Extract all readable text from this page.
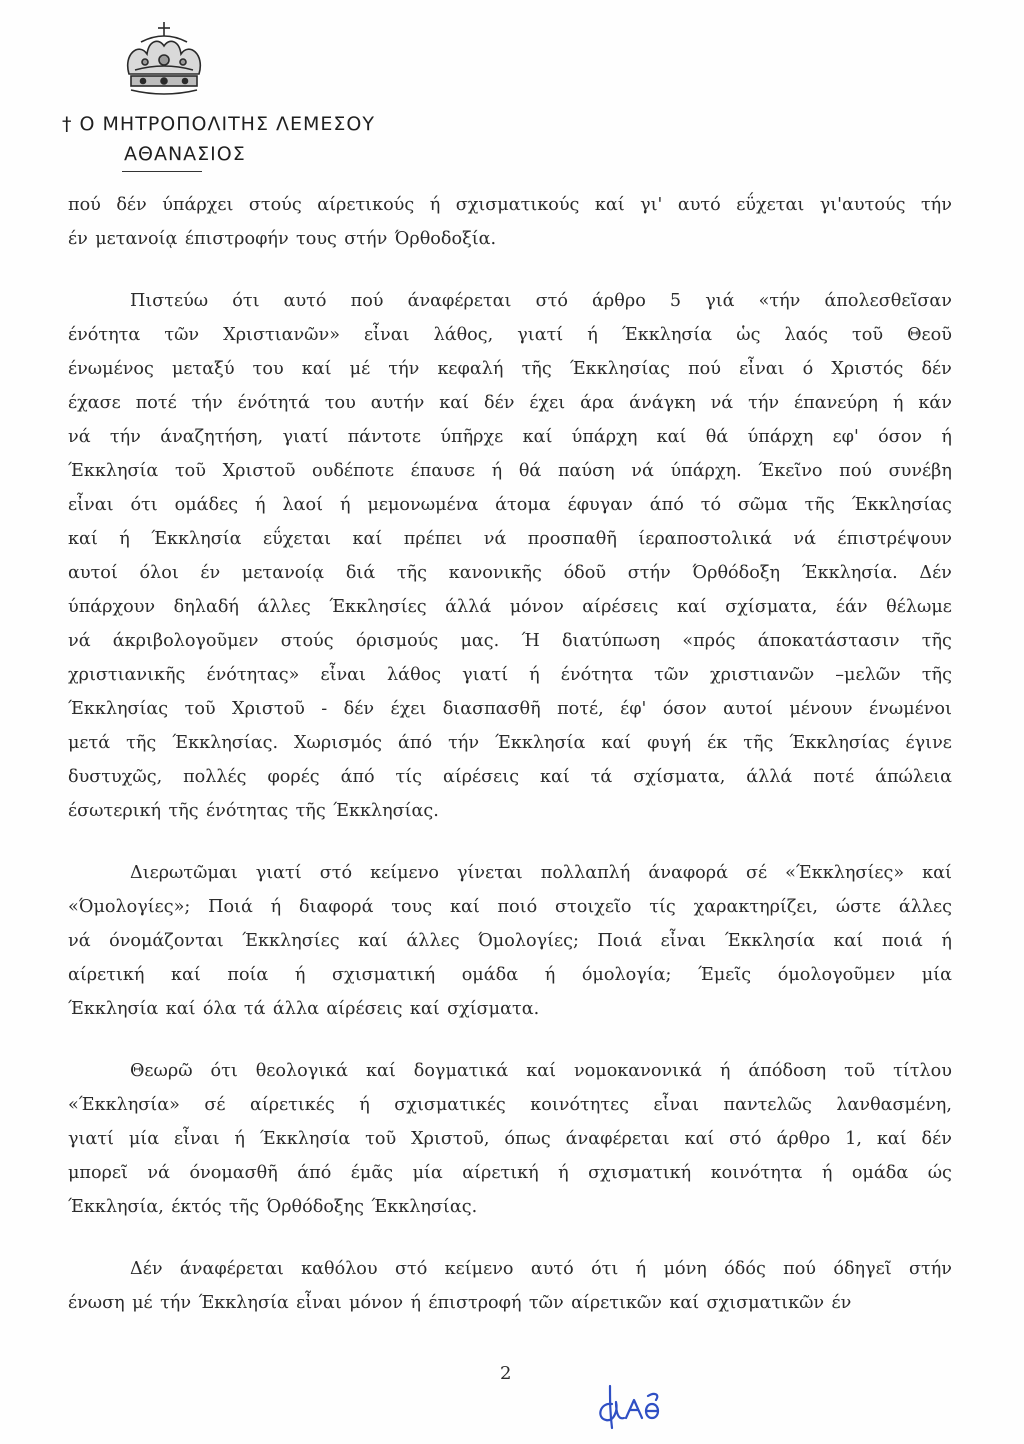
† Ο ΜΗΤΡΟΠΟΛΙΤΗΣ ΛΕΜΕΣΟΥ
ΑΘΑΝΑΣΙΟΣ
πού δέν ύπάρχει στούς αίρετικούς ή σχισματικούς καί γι' αυτό εΰχεται γι'αυτούς τήν
έν μετανοίᾳ έπιστροφήν τους στήν Όρθοδοξία.
Πιστεύω ότι αυτό πού άναφέρεται στό άρθρο 5 γιά «τήν άπολεσθεῖσαν
ένότητα τῶν Χριστιανῶν» εἶναι λάθος, γιατί ή Έκκλησία ὡς λαός τοῦ Θεοῦ
ένωμένος μεταξύ του καί μέ τήν κεφαλή τῆς Έκκλησίας πού εἶναι ό Χριστός δέν
έχασε ποτέ τήν ένότητά του αυτήν καί δέν έχει άρα άνάγκη νά τήν έπανεύρη ή κάν
νά τήν άναζητήση, γιατί πάντοτε ύπῆρχε καί ύπάρχη καί θά ύπάρχη εφ' όσον ή
Έκκλησία τοῦ Χριστοῦ ουδέποτε έπαυσε ή θά παύση νά ύπάρχη. Έκεῖνο πού συνέβη
εἶναι ότι ομάδες ή λαοί ή μεμονωμένα άτομα έφυγαν άπό τό σῶμα τῆς Έκκλησίας
καί ή Έκκλησία εΰχεται καί πρέπει νά προσπαθῆ ίεραποστολικά νά έπιστρέψουν
αυτοί όλοι έν μετανοίᾳ διά τῆς κανονικῆς όδοῦ στήν Όρθόδοξη Έκκλησία. Δέν
ύπάρχουν δηλαδή άλλες Έκκλησίες άλλά μόνον αίρέσεις καί σχίσματα, έάν θέλωμε
νά άκριβολογοῦμεν στούς όρισμούς μας. Ή διατύπωση «πρός άποκατάστασιν τῆς
χριστιανικῆς ένότητας» εἶναι λάθος γιατί ή ένότητα τῶν χριστιανῶν –μελῶν τῆς
Έκκλησίας τοῦ Χριστοῦ - δέν έχει διασπασθῆ ποτέ, έφ' όσον αυτοί μένουν ένωμένοι
μετά τῆς Έκκλησίας. Χωρισμός άπό τήν Έκκλησία καί φυγή έκ τῆς Έκκλησίας έγινε
δυστυχῶς, πολλές φορές άπό τίς αίρέσεις καί τά σχίσματα, άλλά ποτέ άπώλεια
έσωτερική τῆς ένότητας τῆς Έκκλησίας.
Διερωτῶμαι γιατί στό κείμενο γίνεται πολλαπλή άναφορά σέ «Έκκλησίες» καί
«Όμολογίες»; Ποιά ή διαφορά τους καί ποιό στοιχεῖο τίς χαρακτηρίζει, ώστε άλλες
νά όνομάζονται Έκκλησίες καί άλλες Όμολογίες; Ποιά εἶναι Έκκλησία καί ποιά ή
αίρετική καί ποία ή σχισματική ομάδα ή όμολογία; Έμεῖς όμολογοῦμεν μία
Έκκλησία καί όλα τά άλλα αίρέσεις καί σχίσματα.
Θεωρῶ ότι θεολογικά καί δογματικά καί νομοκανονικά ή άπόδοση τοῦ τίτλου
«Έκκλησία» σέ αίρετικές ή σχισματικές κοινότητες εἶναι παντελῶς λανθασμένη,
γιατί μία εἶναι ή Έκκλησία τοῦ Χριστοῦ, όπως άναφέρεται καί στό άρθρο 1, καί δέν
μπορεῖ νά όνομασθῆ άπό έμᾶς μία αίρετική ή σχισματική κοινότητα ή ομάδα ώς
Έκκλησία, έκτός τῆς Όρθόδοξης Έκκλησίας.
Δέν άναφέρεται καθόλου στό κείμενο αυτό ότι ή μόνη όδός πού όδηγεῖ στήν
ένωση μέ τήν Έκκλησία εἶναι μόνον ή έπιστροφή τῶν αίρετικῶν καί σχισματικῶν έν
2
